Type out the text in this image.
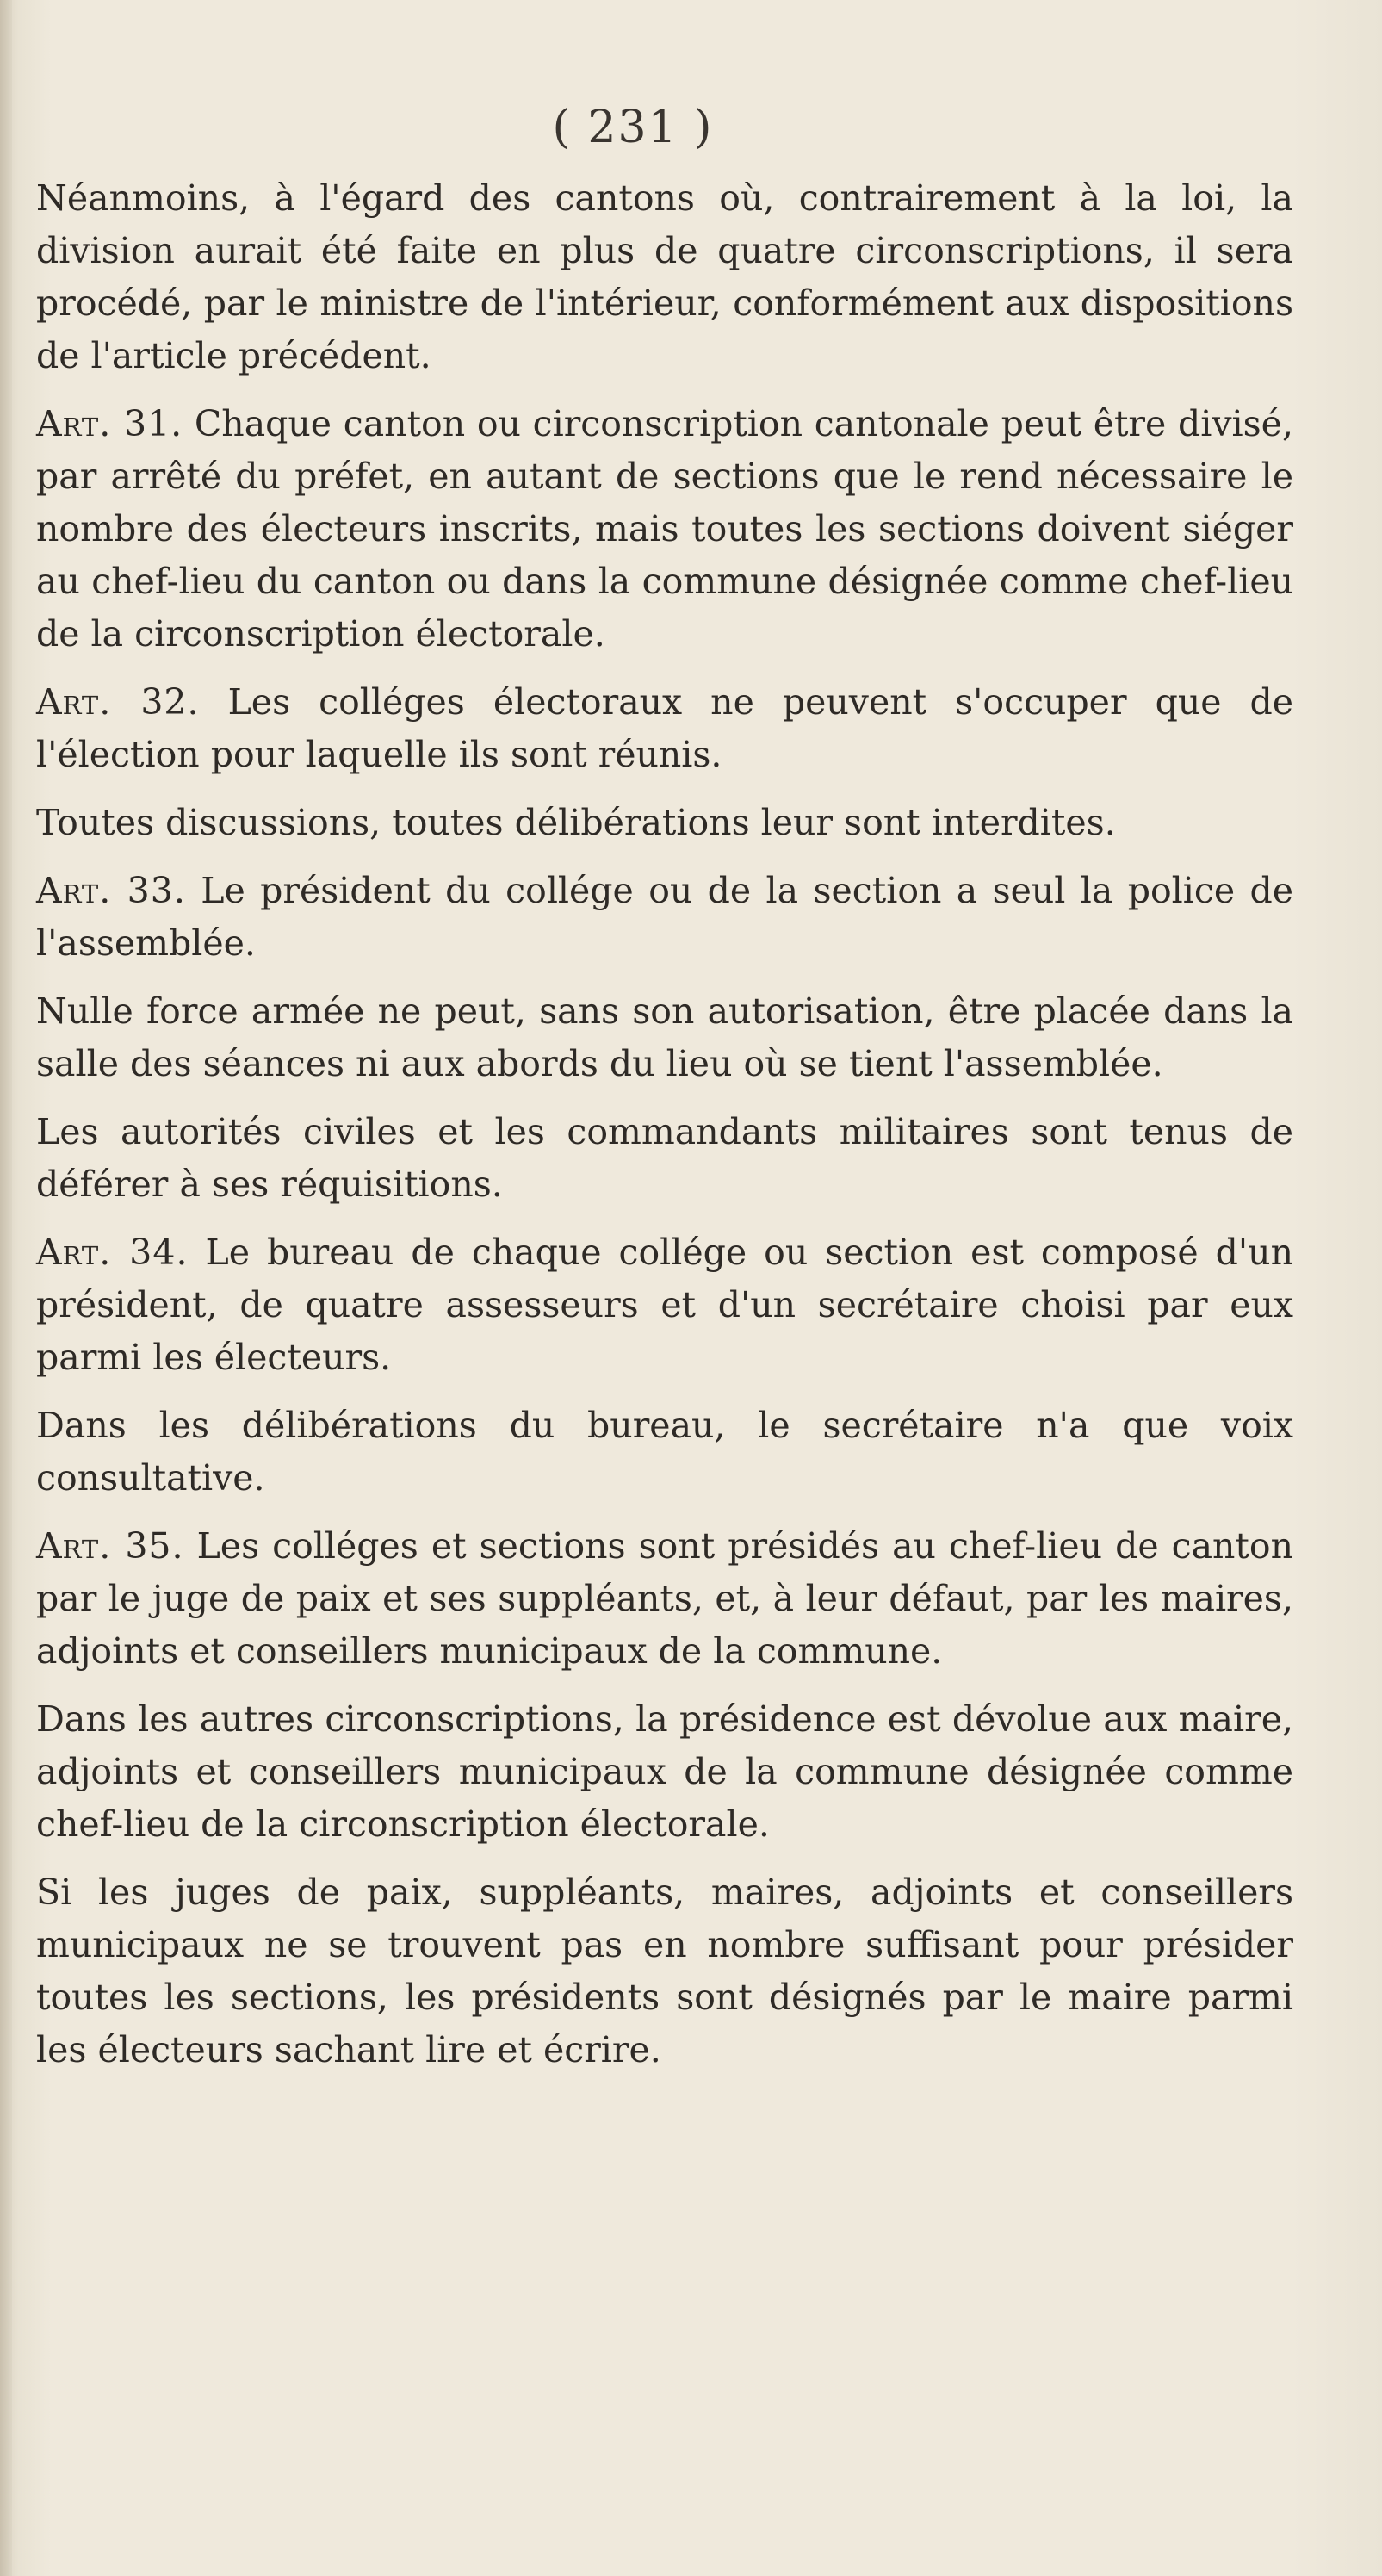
( 231 )

Néanmoins, à l'égard des cantons où, contrairement à la loi, la division aurait été faite en plus de quatre circonscriptions, il sera procédé, par le ministre de l'intérieur, conformément aux dispositions de l'article précédent.

Art. 31. Chaque canton ou circonscription cantonale peut être divisé, par arrêté du préfet, en autant de sections que le rend nécessaire le nombre des électeurs inscrits, mais toutes les sections doivent siéger au chef-lieu du canton ou dans la commune désignée comme chef-lieu de la circonscription électorale.

Art. 32. Les colléges électoraux ne peuvent s'occuper que de l'élection pour laquelle ils sont réunis.

Toutes discussions, toutes délibérations leur sont interdites.

Art. 33. Le président du collége ou de la section a seul la police de l'assemblée.

Nulle force armée ne peut, sans son autorisation, être placée dans la salle des séances ni aux abords du lieu où se tient l'assemblée.

Les autorités civiles et les commandants militaires sont tenus de déférer à ses réquisitions.

Art. 34. Le bureau de chaque collége ou section est composé d'un président, de quatre assesseurs et d'un secrétaire choisi par eux parmi les électeurs.

Dans les délibérations du bureau, le secrétaire n'a que voix consultative.

Art. 35. Les colléges et sections sont présidés au chef-lieu de canton par le juge de paix et ses suppléants, et, à leur défaut, par les maires, adjoints et conseillers municipaux de la commune.

Dans les autres circonscriptions, la présidence est dévolue aux maire, adjoints et conseillers municipaux de la commune désignée comme chef-lieu de la circonscription électorale.

Si les juges de paix, suppléants, maires, adjoints et conseillers municipaux ne se trouvent pas en nombre suffisant pour présider toutes les sections, les présidents sont désignés par le maire parmi les électeurs sachant lire et écrire.
